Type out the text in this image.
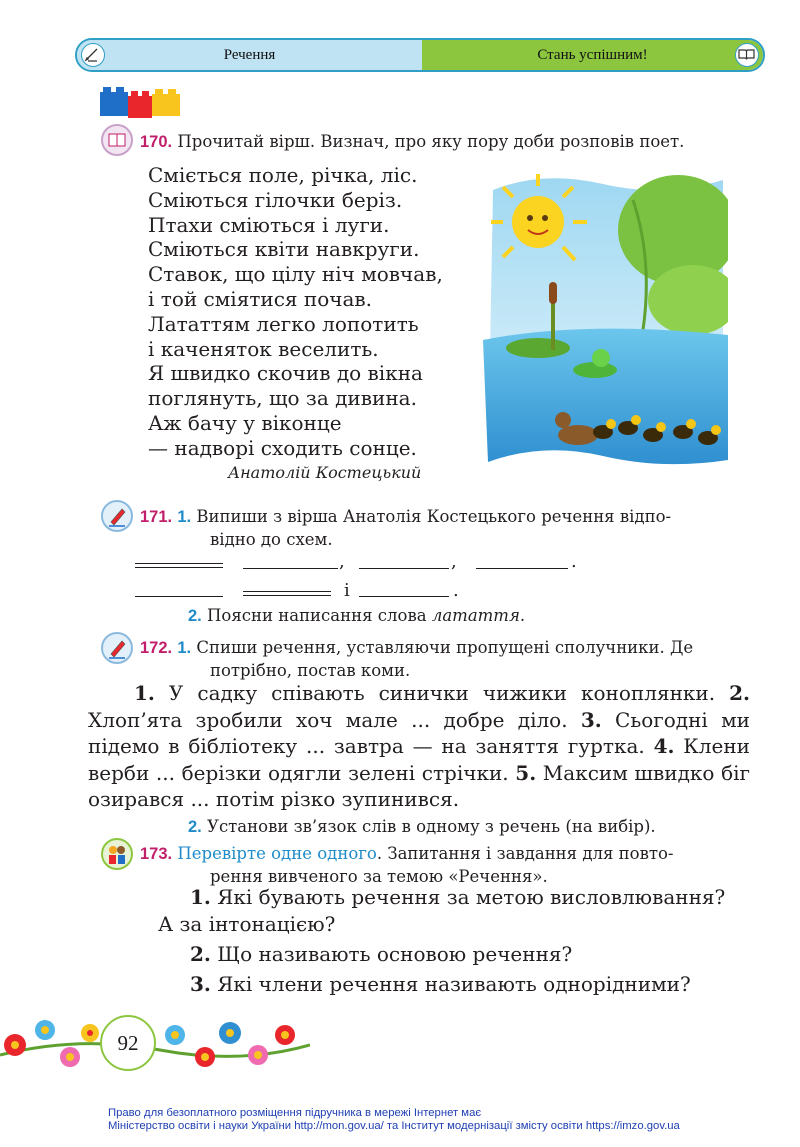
Речення	Стань успішним!
170. Прочитай вірш. Визнач, про яку пору доби розповів поет.
Сміється поле, річка, ліс.
Сміються гілочки беріз.
Птахи сміються і луги.
Сміються квіти навкруги.
Ставок, що цілу ніч мовчав,
і той сміятися почав.
Лататтям легко лопотить
і каченяток веселить.
Я швидко скочив до вікна
поглянуть, що за дивина.
Аж бачу у віконце
— надворі сходить сонце.
Анатолій Костецький
171. 1. Випиши з вірша Анатолія Костецького речення відпо-
відно до схем.
,	,	.
і	.
2. Поясни написання слова латаття.
172. 1. Спиши речення, уставляючи пропущені сполучники. Де
потрібно, постав коми.
1. У садку співають синички чижики коноплянки. 2. Хлоп’ята зробили хоч мале ... добре діло. 3. Сьогодні ми підемо в бібліотеку ... завтра — на заняття гуртка. 4. Клени верби ... берізки одягли зелені стрічки. 5. Максим швидко біг озирався ... потім різко зупинився.
2. Установи зв’язок слів в одному з речень (на вибір).
173. Перевірте одне одного. Запитання і завдання для повто-
рення вивченого за темою «Речення».
1. Які бувають речення за метою висловлювання?
А за інтонацією?
2. Що називають основою речення?
3. Які члени речення називають однорідними?
92
Право для безоплатного розміщення підручника в мережі Інтернет має
Міністерство освіти і науки України http://mon.gov.ua/ та Інститут модернізації змісту освіти https://imzo.gov.ua
